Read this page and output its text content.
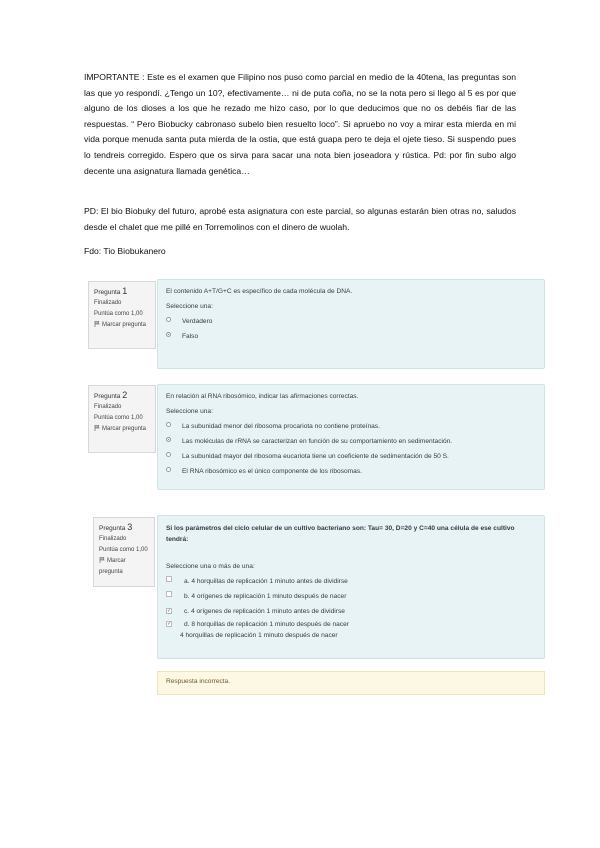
IMPORTANTE : Este es el examen que Filipino nos puso como parcial en medio de la 40tena, las preguntas son las que yo respondí. ¿Tengo un 10?, efectivamente… ni de puta coña, no se la nota pero si llego al 5 es por que alguno de los dioses a los que he rezado me hizo caso, por lo que deducimos que no os debéis fiar de las respuestas. “ Pero Biobucky cabronaso subelo bien resuelto loco”. Si apruebo no voy a mirar esta mierda en mi vida porque menuda santa puta mierda de la ostia, que está guapa pero te deja el ojete tieso. Si suspendo pues lo tendreis corregido. Espero que os sirva para sacar una nota bien joseadora y rústica. Pd: por fin subo algo decente una asignatura llamada genética…
PD: El bio Biobuky del futuro, aprobé esta asignatura con este parcial, so algunas estarán bien otras no, saludos desde el chalet que me pillé en Torremolinos con el dinero de wuolah.
Fdo: Tio Biobukanero
Pregunta 1
Finalizado
Puntúa como 1,00
Marcar pregunta
El contenido A+T/G+C es específico de cada molécula de DNA.
Seleccione una:
Verdadero
Falso
Pregunta 2
Finalizado
Puntúa como 1,00
Marcar pregunta
En relación al RNA ribosómico, indicar las afirmaciones correctas.
Seleccione una:
La subunidad menor del ribosoma procariota no contiene proteínas.
Las moléculas de rRNA se caracterizan en función de su comportamiento en sedimentación.
La subunidad mayor del ribosoma eucariota tiene un coeficiente de sedimentación de 50 S.
El RNA ribosómico es el único componente de los ribosomas.
Pregunta 3
Finalizado
Puntúa como 1,00
Marcar pregunta
Si los parámetros del ciclo celular de un cultivo bacteriano son: Tau= 30, D=20 y C=40 una célula de ese cultivo tendrá:
Seleccione una o más de una:
a. 4 horquillas de replicación 1 minuto antes de dividirse
b. 4 orígenes de replicación 1 minuto después de nacer
✓	c. 4 orígenes de replicación 1 minuto antes de dividirse
✓	d. 8 horquillas de replicación 1 minuto después de nacer
4 horquillas de replicación 1 minuto después de nacer
Respuesta incorrecta.
